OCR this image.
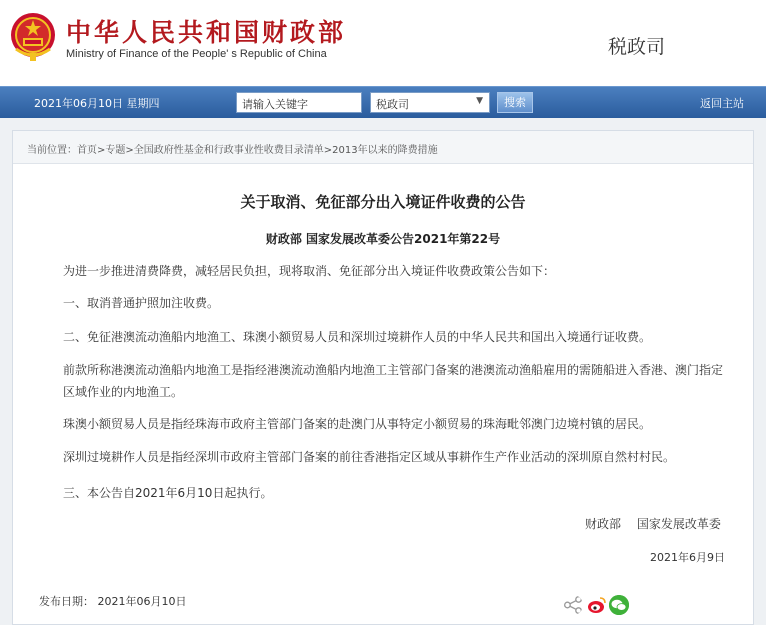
中华人民共和国财政部
Ministry of Finance of the People' s Republic of China	税政司
2021年06月10日 星期四	请输入关键字	税政司	▼	搜索	返回主站
当前位置：首页>专题>全国政府性基金和行政事业性收费目录清单>2013年以来的降费措施
关于取消、免征部分出入境证件收费的公告
财政部 国家发展改革委公告2021年第22号
为进一步推进清费降费，减轻居民负担，现将取消、免征部分出入境证件收费政策公告如下：
一、取消普通护照加注收费。
二、免征港澳流动渔船内地渔工、珠澳小额贸易人员和深圳过境耕作人员的中华人民共和国出入境通行证收费。
前款所称港澳流动渔船内地渔工是指经港澳流动渔船内地渔工主管部门备案的港澳流动渔船雇用的需随船进入香港、澳门指定区域作业的内地渔工。
珠澳小额贸易人员是指经珠海市政府主管部门备案的赴澳门从事特定小额贸易的珠海毗邻澳门边境村镇的居民。
深圳过境耕作人员是指经深圳市政府主管部门备案的前往香港指定区域从事耕作生产作业活动的深圳原自然村村民。
三、本公告自2021年6月10日起执行。
财政部 国家发展改革委
2021年6月9日
发布日期： 2021年06月10日
